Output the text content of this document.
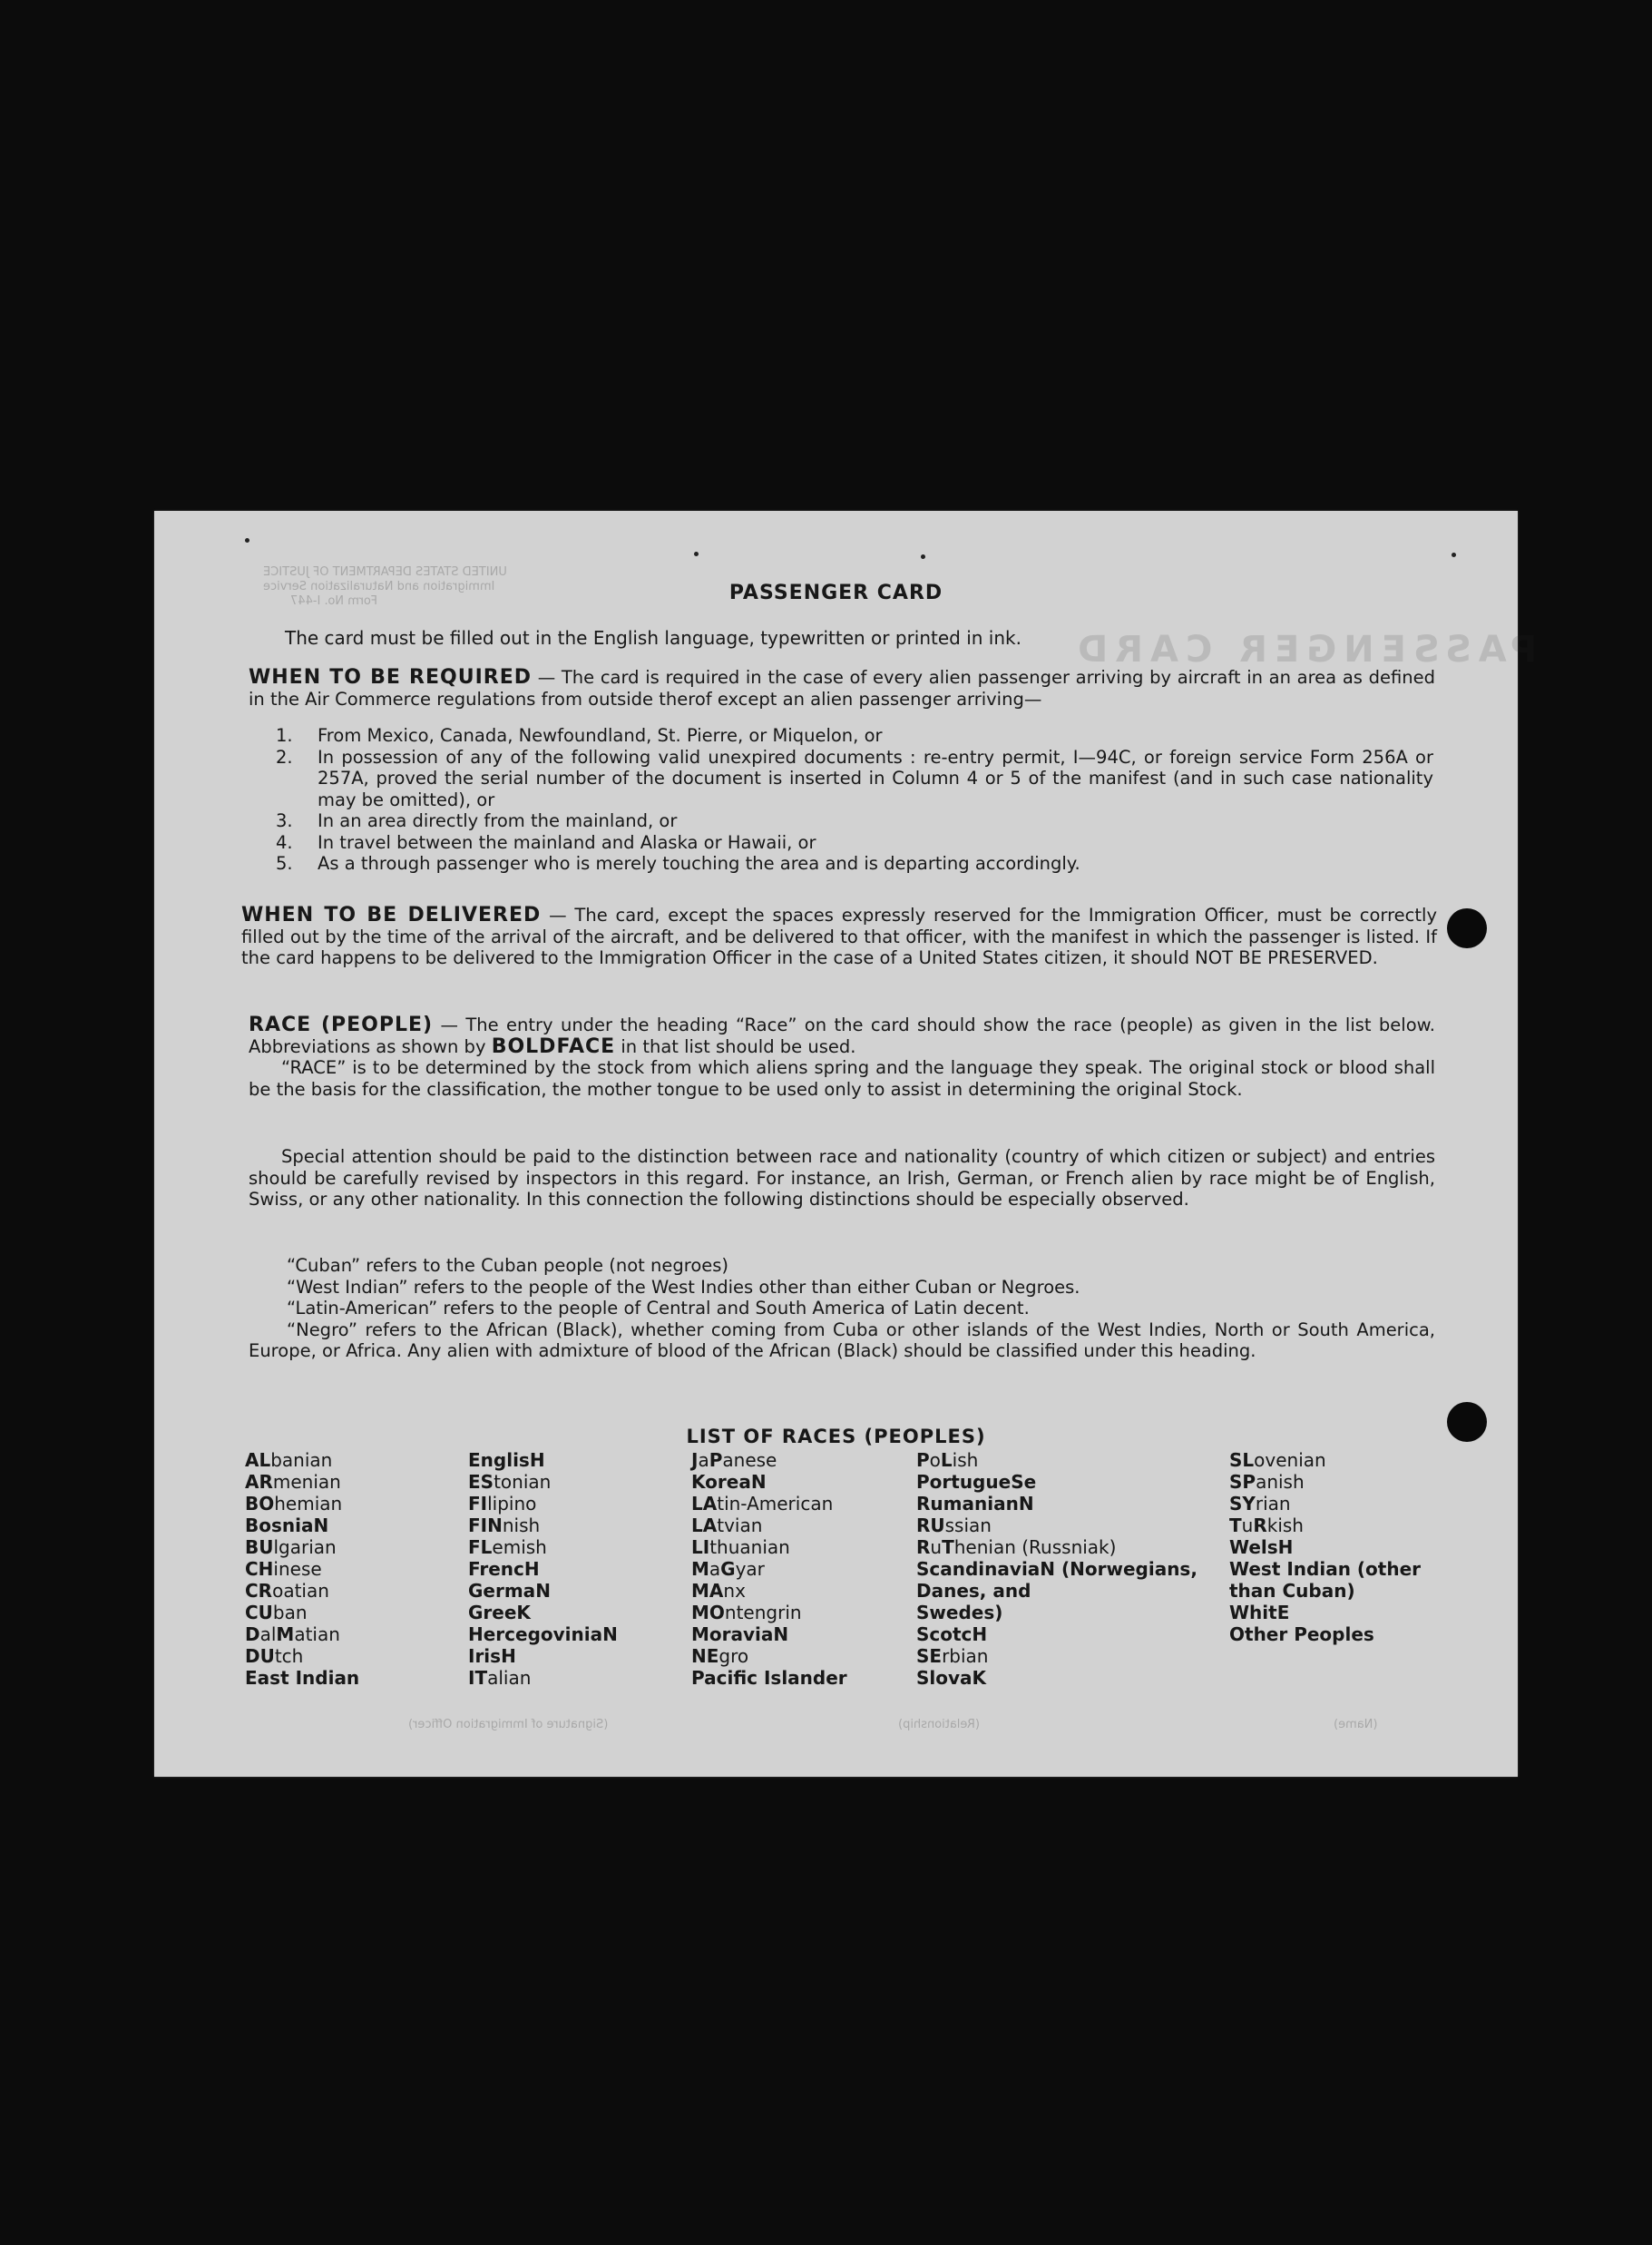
UNITED STATES DEPARTMENT OF JUSTICE
Immigration and Naturalization Service
Form No. I-447
PASSENGER CARD
(Signature of Immigration Officer)	(Relationship)	(Name)
PASSENGER CARD
The card must be filled out in the English language, typewritten or printed in ink.
WHEN TO BE REQUIRED — The card is required in the case of every alien passenger arriving by aircraft in an area as defined in the Air Commerce regulations from outside therof except an alien passenger arriving—
1.	From Mexico, Canada, Newfoundland, St. Pierre, or Miquelon, or
2.	In possession of any of the following valid unexpired documents : re-entry permit, I—94C, or foreign service Form 256A or 257A, proved the serial number of the document is inserted in Column 4 or 5 of the manifest (and in such case nationality may be omitted), or
3.	In an area directly from the mainland, or
4.	In travel between the mainland and Alaska or Hawaii, or
5.	As a through passenger who is merely touching the area and is departing accordingly.
WHEN TO BE DELIVERED — The card, except the spaces expressly reserved for the Immigration Officer, must be correctly filled out by the time of the arrival of the aircraft, and be delivered to that officer, with the manifest in which the passenger is listed. If the card happens to be delivered to the Immigration Officer in the case of a United States citizen, it should NOT BE PRESERVED.

RACE (PEOPLE) — The entry under the heading “Race” on the card should show the race (people) as given in the list below. Abbreviations as shown by BOLDFACE in that list should be used.

“RACE” is to be determined by the stock from which aliens spring and the language they speak. The original stock or blood shall be the basis for the classification, the mother tongue to be used only to assist in determining the original Stock.

Special attention should be paid to the distinction between race and nationality (country of which citizen or subject) and entries should be carefully revised by inspectors in this regard. For instance, an Irish, German, or French alien by race might be of English, Swiss, or any other nationality. In this connection the following distinctions should be especially observed.

“Cuban” refers to the Cuban people (not negroes)
“West Indian” refers to the people of the West Indies other than either Cuban or Negroes.
“Latin-American” refers to the people of Central and South America of Latin decent.
“Negro” refers to the African (Black), whether coming from Cuba or other islands of the West Indies, North or South America, Europe, or Africa. Any alien with admixture of blood of the African (Black) should be classified under this heading.
LIST OF RACES (PEOPLES)
ALbanian
ARmenian
BOhemian
BosniaN
BUlgarian
CHinese
CRoatian
CUban
DalMatian
DUtch
East Indian
EnglisH
EStonian
FIlipino
FINnish
FLemish
FrencH
GermaN
GreeK
HercegoviniaN
IrisH
ITalian
JaPanese
KoreaN
LAtin-American
LAtvian
LIthuanian
MaGyar
MAnx
MOntengrin
MoraviaN
NEgro
Pacific Islander
PoLish
PortugueSe
RumanianN
RUssian
RuThenian (Russniak)
ScandinaviaN (Norwegians,
Danes, and
Swedes)
ScotcH
SErbian
SlovaK
SLovenian
SPanish
SYrian
TuRkish
WelsH
West Indian (other
than Cuban)
WhitE
Other Peoples
